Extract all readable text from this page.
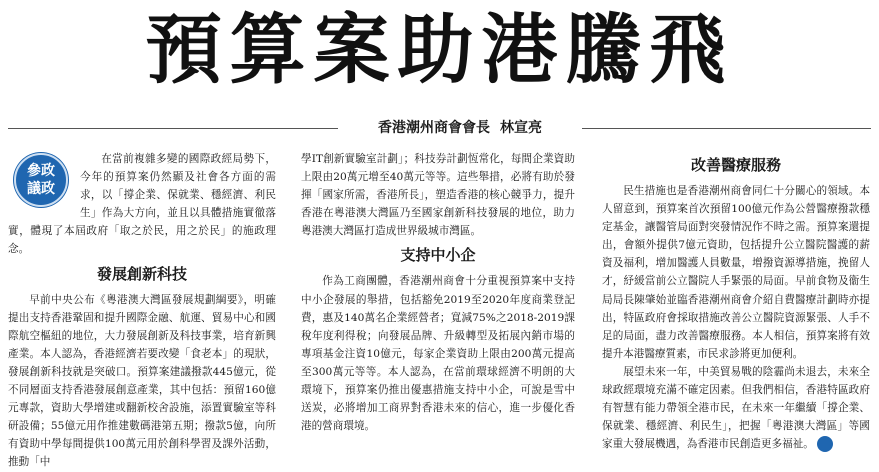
預算案助港騰飛
香港潮州商會會長 林宣亮
參政
議政

在當前複雜多變的國際政經局勢下，今年的預算案仍然顯及社會各方面的需求，以「撐企業、保就業、穩經濟、利民生」作為大方向，並且以具體措施實徹落實，體現了本屆政府「取之於民，用之於民」的施政理念。

發展創新科技

早前中央公布《粵港澳大灣區發展規劃綱要》，明確提出支持香港鞏固和提升國際金融、航運、貿易中心和國際航空樞紐的地位，大力發展創新及科技事業，培育新興產業。本人認為，香港經濟若要改變「食老本」的現狀，發展創新科技就是突破口。預算案建議撥款445億元，從不同層面支持香港發展創意產業，其中包括：預留160億元專款，資助大學增建或翻新校舍設施，添置實驗室等科研設備；55億元用作推建數碼港第五期；撥款5億，向所有資助中學每間提供100萬元用於創科學習及課外活動，推動「中

學IT創新實驗室計劃」；科技券計劃恆常化，每間企業資助上限由20萬元增至40萬元等等。這些舉措，必將有助於發揮「國家所需，香港所長」，塑造香港的核心競爭力，提升香港在粵港澳大灣區乃至國家創新科技發展的地位，助力粵港澳大灣區打造成世界級城市灣區。

支持中小企

作為工商團體，香港潮州商會十分重視預算案中支持中小企發展的舉措，包括豁免2019至2020年度商業登記費，惠及140萬名企業經營者；寬減75%之2018-2019課稅年度利得稅；向發展品牌、升級轉型及拓展內銷市場的專項基金注資10億元，每家企業資助上限由200萬元提高至300萬元等等。本人認為，在當前環球經濟不明朗的大環境下，預算案仍推出優惠措施支持中小企，可說是雪中送炭，必將增加工商界對香港未來的信心，進一步優化香港的營商環境。

改善醫療服務

民生措施也是香港潮州商會同仁十分關心的領域。本人留意到，預算案首次預留100億元作為公營醫療撥款穩定基金，讓醫管局面對突發情況作不時之需。預算案還提出，會額外提供7億元資助，包括提升公立醫院醫護的薪資及福利，增加醫護人員數量，增撥資源導措施，挽留人才，紓緩當前公立醫院人手緊張的局面。早前食物及衞生局局長陳肇始並臨香港潮州商會介紹自費醫療計劃時亦提出，特區政府會採取措施改善公立醫院資源緊張、人手不足的局面，盡力改善醫療服務。本人相信，預算案將有效提升本港醫療質素，市民求診將更加便利。

展望未來一年，中美貿易戰的陰霾尚未退去，未來全球政經環境充滿不確定因素。但我們相信，香港特區政府有智慧有能力帶領全港市民，在未來一年繼續「撐企業、保就業、穩經濟、利民生」，把握「粵港澳大灣區」等國家重大發展機遇，為香港市民創造更多福祉。	HH
